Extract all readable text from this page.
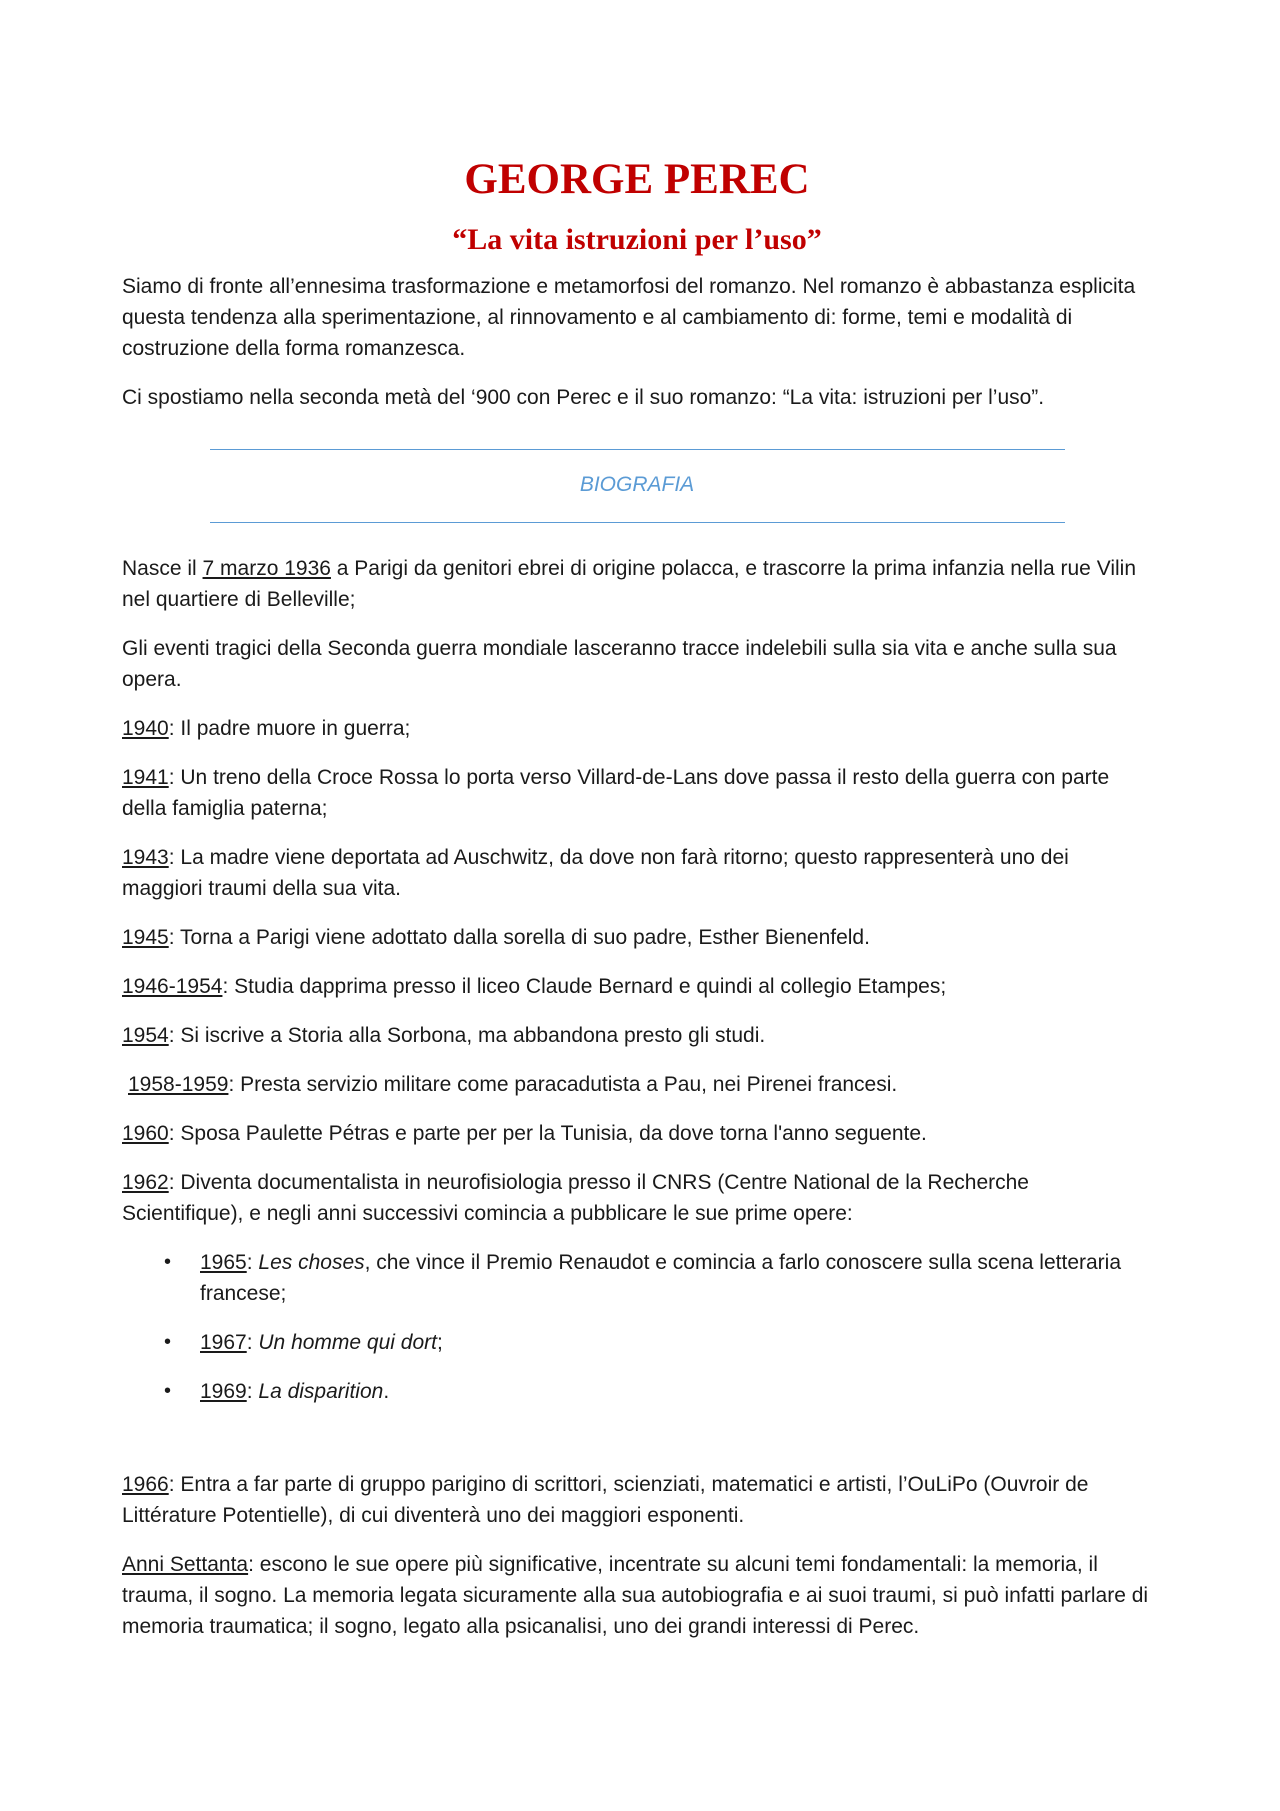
GEORGE PEREC
“La vita istruzioni per l’uso”

Siamo di fronte all’ennesima trasformazione e metamorfosi del romanzo. Nel romanzo è abbastanza esplicita questa tendenza alla sperimentazione, al rinnovamento e al cambiamento di: forme, temi e modalità di costruzione della forma romanzesca.

Ci spostiamo nella seconda metà del ‘900 con Perec e il suo romanzo: “La vita: istruzioni per l’uso”.

BIOGRAFIA

Nasce il 7 marzo 1936 a Parigi da genitori ebrei di origine polacca, e trascorre la prima infanzia nella rue Vilin nel quartiere di Belleville;

Gli eventi tragici della Seconda guerra mondiale lasceranno tracce indelebili sulla sia vita e anche sulla sua opera.

1940: Il padre muore in guerra;

1941: Un treno della Croce Rossa lo porta verso Villard-de-Lans dove passa il resto della guerra con parte della famiglia paterna;

1943: La madre viene deportata ad Auschwitz, da dove non farà ritorno; questo rappresenterà uno dei maggiori traumi della sua vita.

1945: Torna a Parigi viene adottato dalla sorella di suo padre, Esther Bienenfeld.

1946-1954: Studia dapprima presso il liceo Claude Bernard e quindi al collegio Etampes;

1954: Si iscrive a Storia alla Sorbona, ma abbandona presto gli studi.

1958-1959: Presta servizio militare come paracadutista a Pau, nei Pirenei francesi.

1960: Sposa Paulette Pétras e parte per per la Tunisia, da dove torna l'anno seguente.

1962: Diventa documentalista in neurofisiologia presso il CNRS (Centre National de la Recherche Scientifique), e negli anni successivi comincia a pubblicare le sue prime opere:

• 1965: Les choses, che vince il Premio Renaudot e comincia a farlo conoscere sulla scena letteraria francese;
• 1967: Un homme qui dort;
• 1969: La disparition.

1966: Entra a far parte di gruppo parigino di scrittori, scienziati, matematici e artisti, l’OuLiPo (Ouvroir de Littérature Potentielle), di cui diventerà uno dei maggiori esponenti.

Anni Settanta: escono le sue opere più significative, incentrate su alcuni temi fondamentali: la memoria, il trauma, il sogno. La memoria legata sicuramente alla sua autobiografia e ai suoi traumi, si può infatti parlare di memoria traumatica; il sogno, legato alla psicanalisi, uno dei grandi interessi di Perec.
